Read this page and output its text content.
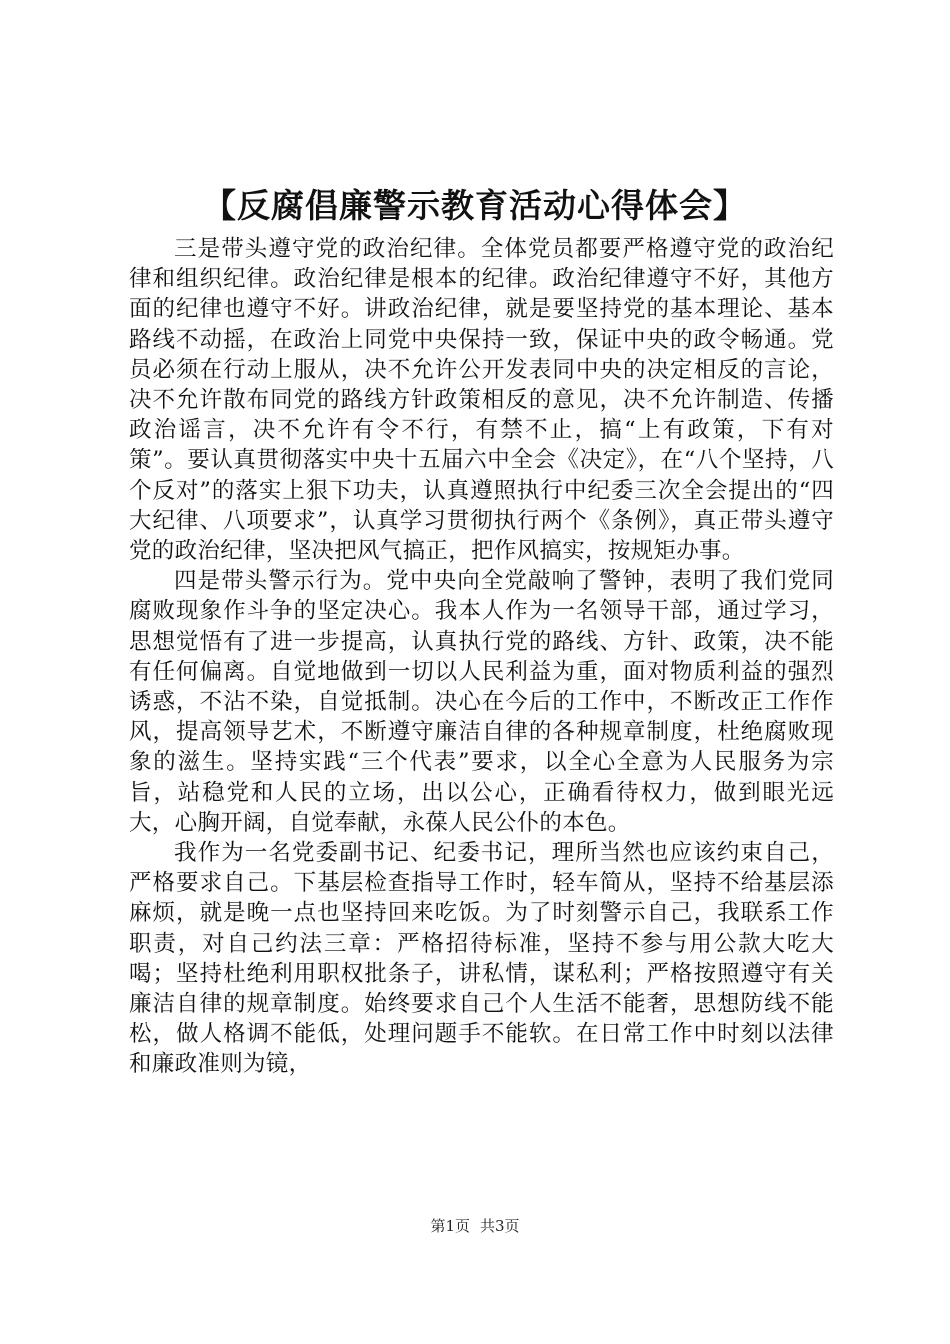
【反腐倡廉警示教育活动心得体会】

三是带头遵守党的政治纪律。全体党员都要严格遵守党的政治纪律和组织纪律。政治纪律是根本的纪律。政治纪律遵守不好，其他方面的纪律也遵守不好。讲政治纪律，就是要坚持党的基本理论、基本路线不动摇，在政治上同党中央保持一致，保证中央的政令畅通。党员必须在行动上服从，决不允许公开发表同中央的决定相反的言论，决不允许散布同党的路线方针政策相反的意见，决不允许制造、传播政治谣言，决不允许有令不行，有禁不止，搞“上有政策，下有对策”。要认真贯彻落实中央十五届六中全会《决定》，在“八个坚持，八个反对”的落实上狠下功夫，认真遵照执行中纪委三次全会提出的“四大纪律、八项要求”，认真学习贯彻执行两个《条例》，真正带头遵守党的政治纪律，坚决把风气搞正，把作风搞实，按规矩办事。

四是带头警示行为。党中央向全党敲响了警钟，表明了我们党同腐败现象作斗争的坚定决心。我本人作为一名领导干部，通过学习，思想觉悟有了进一步提高，认真执行党的路线、方针、政策，决不能有任何偏离。自觉地做到一切以人民利益为重，面对物质利益的强烈诱惑，不沾不染，自觉抵制。决心在今后的工作中，不断改正工作作风，提高领导艺术，不断遵守廉洁自律的各种规章制度，杜绝腐败现象的滋生。坚持实践“三个代表”要求，以全心全意为人民服务为宗旨，站稳党和人民的立场，出以公心，正确看待权力，做到眼光远大，心胸开阔，自觉奉献，永葆人民公仆的本色。

我作为一名党委副书记、纪委书记，理所当然也应该约束自己，严格要求自己。下基层检查指导工作时，轻车简从，坚持不给基层添麻烦，就是晚一点也坚持回来吃饭。为了时刻警示自己，我联系工作职责，对自己约法三章：严格招待标准，坚持不参与用公款大吃大喝；坚持杜绝利用职权批条子，讲私情，谋私利；严格按照遵守有关廉洁自律的规章制度。始终要求自己个人生活不能奢，思想防线不能松，做人格调不能低，处理问题手不能软。在日常工作中时刻以法律和廉政准则为镜，

第1页 共3页
